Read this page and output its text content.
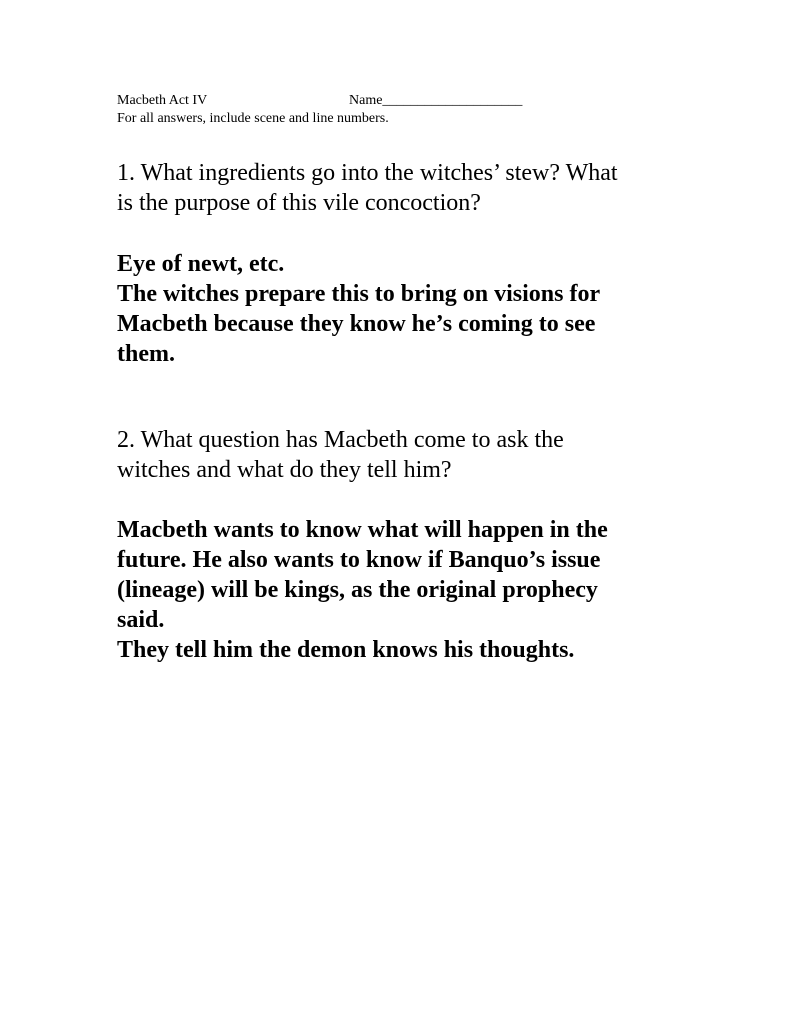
Macbeth Act IV	Name____________________
For all answers, include scene and line numbers.
1. What ingredients go into the witches’ stew? What
is the purpose of this vile concoction?
Eye of newt, etc.
The witches prepare this to bring on visions for
Macbeth because they know he’s coming to see
them.
2. What question has Macbeth come to ask the
witches and what do they tell him?
Macbeth wants to know what will happen in the
future. He also wants to know if Banquo’s issue
(lineage) will be kings, as the original prophecy
said.
They tell him the demon knows his thoughts.
